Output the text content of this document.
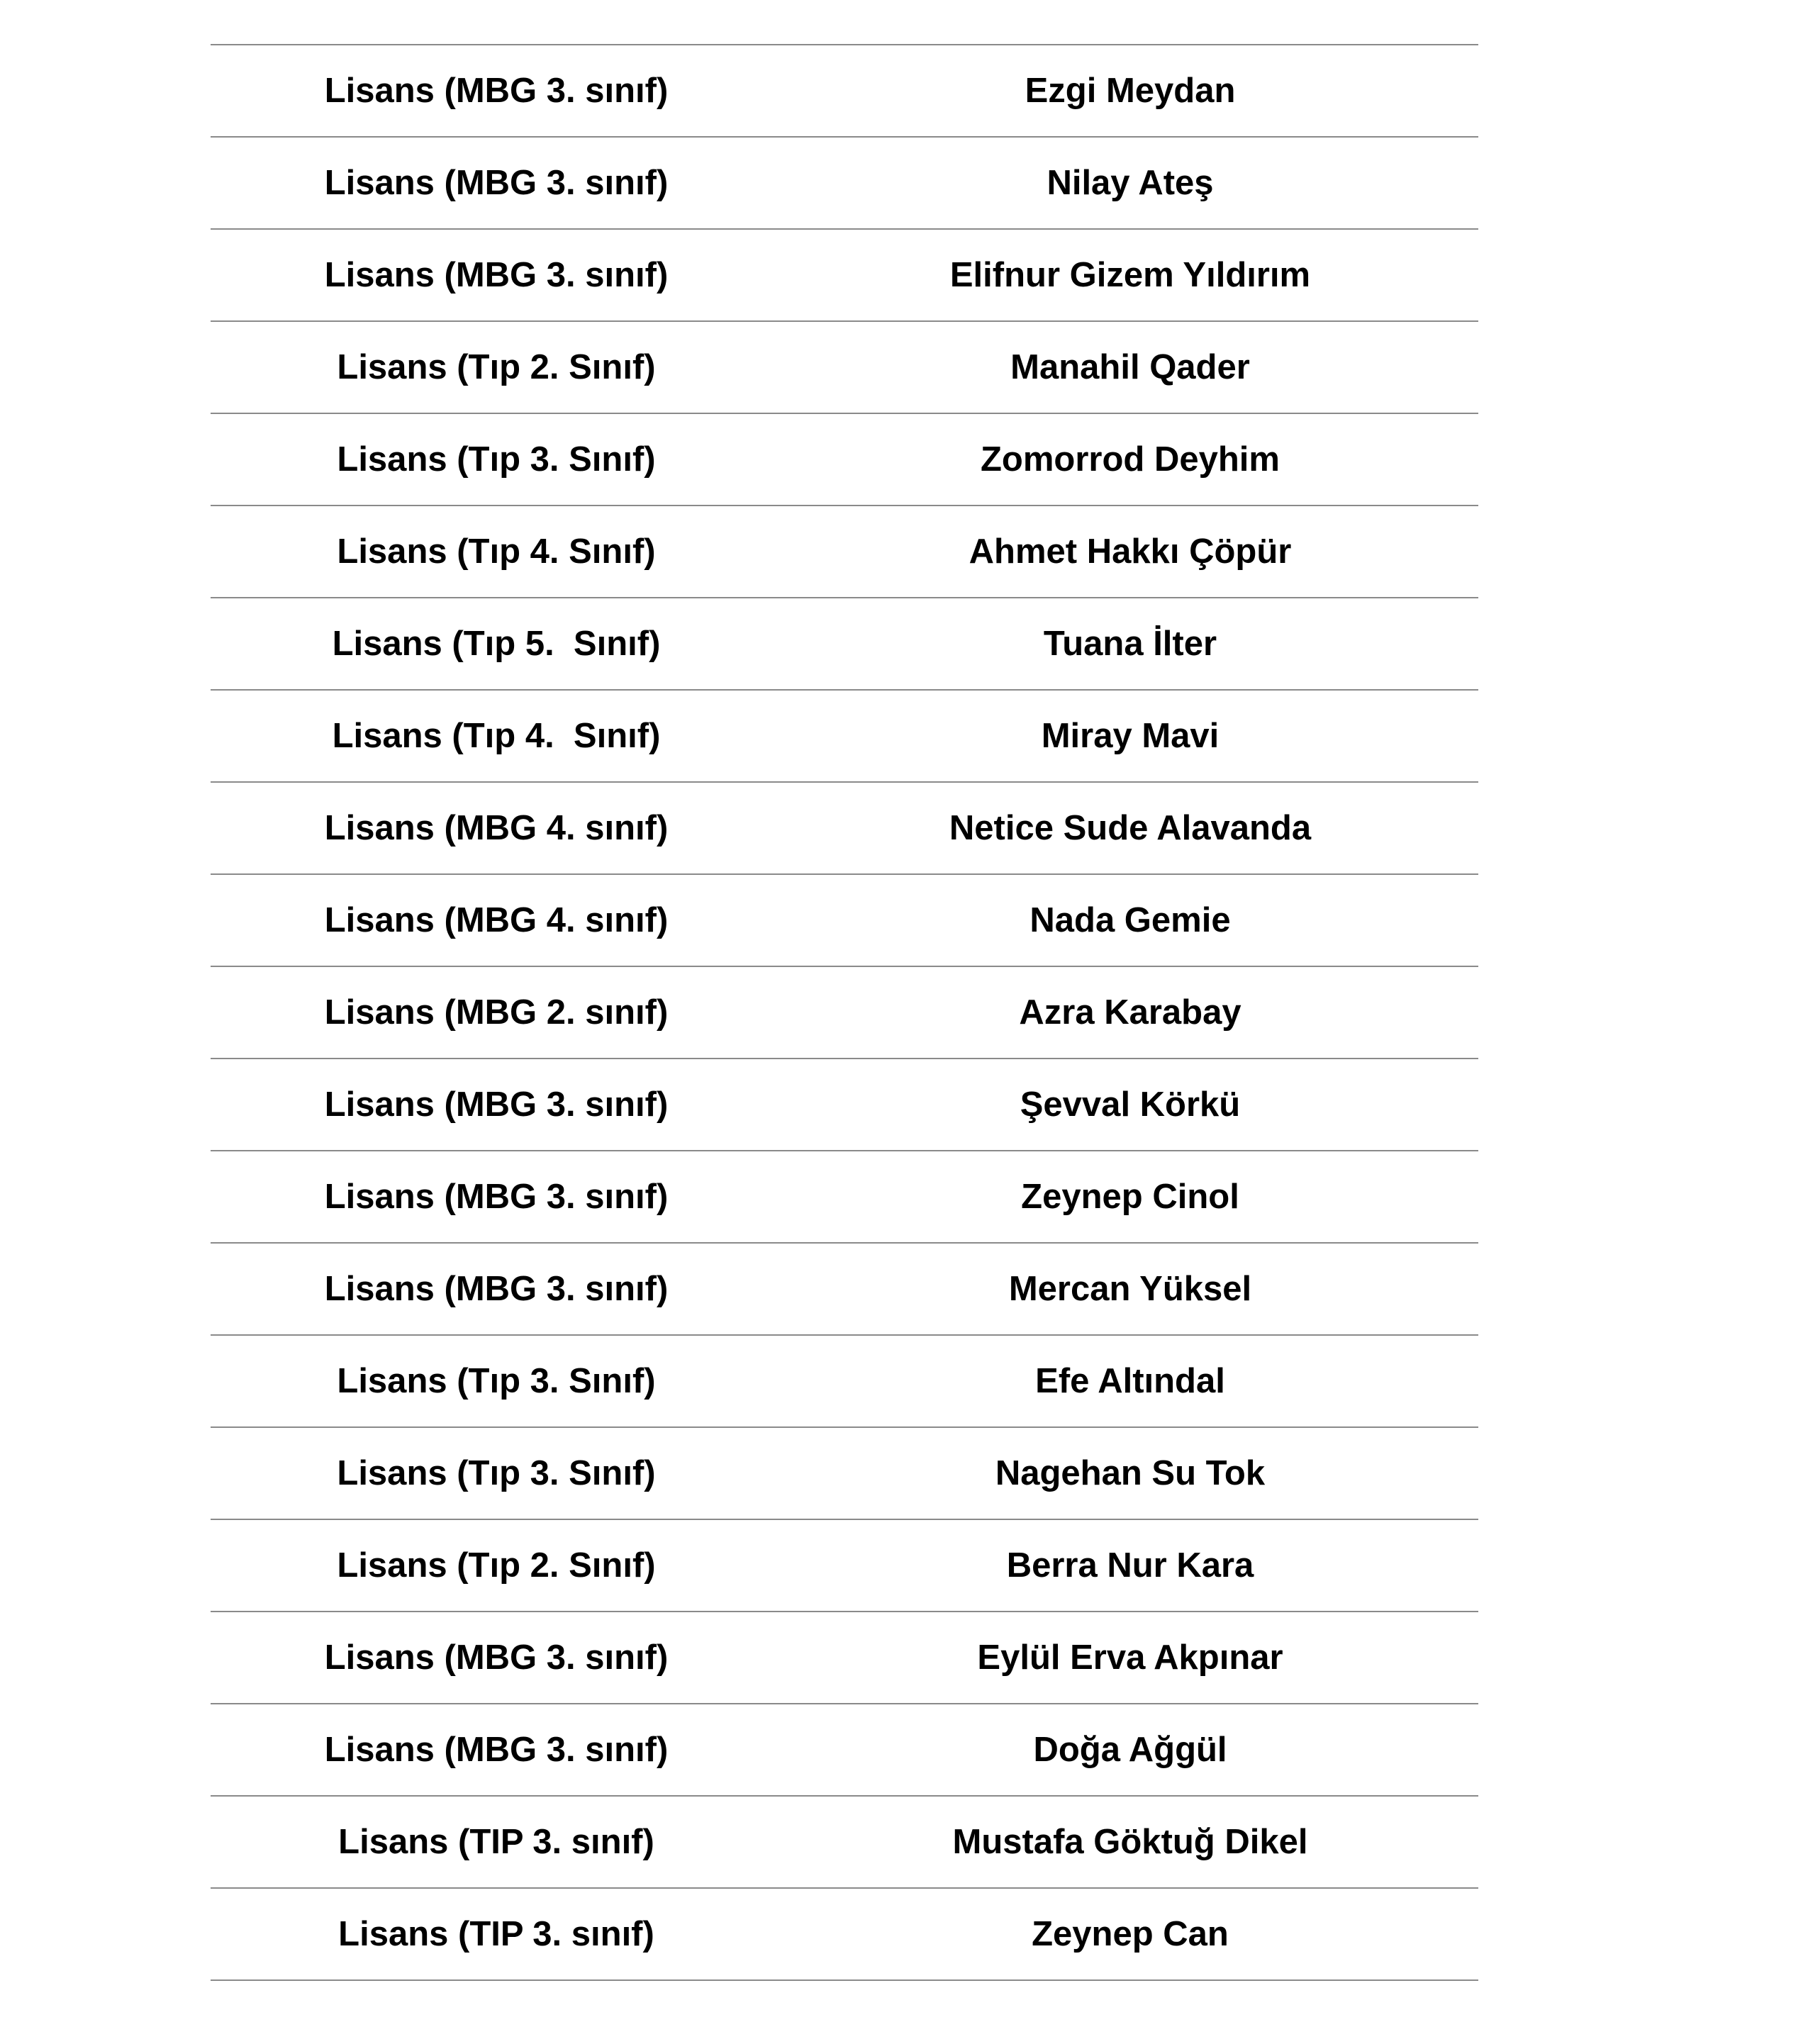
Lisans (MBG 3. sınıf)	Ezgi Meydan
Lisans (MBG 3. sınıf)	Nilay Ateş
Lisans (MBG 3. sınıf)	Elifnur Gizem Yıldırım
Lisans (Tıp 2. Sınıf)	Manahil Qader
Lisans (Tıp 3. Sınıf)	Zomorrod Deyhim
Lisans (Tıp 4. Sınıf)	Ahmet Hakkı Çöpür
Lisans (Tıp 5.  Sınıf)	Tuana İlter
Lisans (Tıp 4.  Sınıf)	Miray Mavi
Lisans (MBG 4. sınıf)	Netice Sude Alavanda
Lisans (MBG 4. sınıf)	Nada Gemie
Lisans (MBG 2. sınıf)	Azra Karabay
Lisans (MBG 3. sınıf)	Şevval Körkü
Lisans (MBG 3. sınıf)	Zeynep Cinol
Lisans (MBG 3. sınıf)	Mercan Yüksel
Lisans (Tıp 3. Sınıf)	Efe Altındal
Lisans (Tıp 3. Sınıf)	Nagehan Su Tok
Lisans (Tıp 2. Sınıf)	Berra Nur Kara
Lisans (MBG 3. sınıf)	Eylül Erva Akpınar
Lisans (MBG 3. sınıf)	Doğa Ağgül
Lisans (TIP 3. sınıf)	Mustafa Göktuğ Dikel
Lisans (TIP 3. sınıf)	Zeynep Can
